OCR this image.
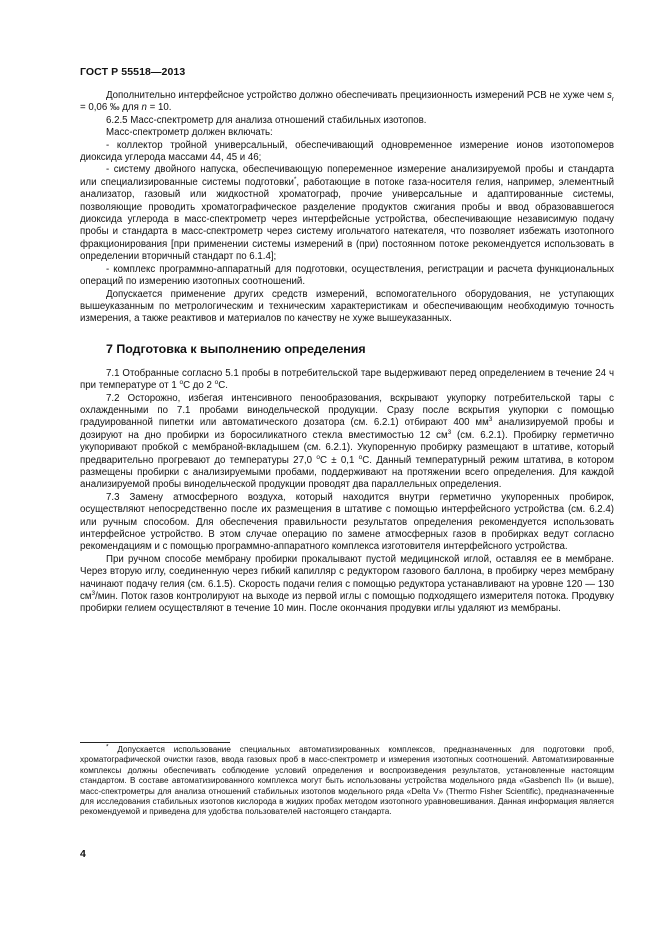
ГОСТ Р 55518—2013

Дополнительно интерфейсное устройство должно обеспечивать прецизионность измерений РСВ не хуже чем $s_r = 0,06$ ‰ для n = 10.

6.2.5 Масс-спектрометр для анализа отношений стабильных изотопов.

Масс-спектрометр должен включать:

- коллектор тройной универсальный, обеспечивающий одновременное измерение ионов изотопомеров диоксида углерода массами 44, 45 и 46;

- систему двойного напуска, обеспечивающую попеременное измерение анализируемой пробы и стандарта или специализированные системы подготовки*, работающие в потоке газа-носителя гелия, например, элементный анализатор, газовый или жидкостной хроматограф, прочие универсальные и адаптированные системы, позволяющие проводить хроматографическое разделение продуктов сжигания пробы и ввод образовавшегося диоксида углерода в масс-спектрометр через интерфейсные устройства, обеспечивающие независимую подачу пробы и стандарта в масс-спектрометр через систему игольчатого натекателя, что позволяет избежать изотопного фракционирования [при применении системы измерений в (при) постоянном потоке рекомендуется использовать в определении вторичный стандарт по 6.1.4];

- комплекс программно-аппаратный для подготовки, осуществления, регистрации и расчета функциональных операций по измерению изотопных соотношений.

Допускается применение других средств измерений, вспомогательного оборудования, не уступающих вышеуказанным по метрологическим и техническим характеристикам и обеспечивающим необходимую точность измерения, а также реактивов и материалов по качеству не хуже вышеуказанных.

7 Подготовка к выполнению определения

7.1 Отобранные согласно 5.1 пробы в потребительской таре выдерживают перед определением в течение 24 ч при температуре от 1 $^о$С до 2 $^о$С.

7.2 Осторожно, избегая интенсивного пенообразования, вскрывают укупорку потребительской тары с охлажденными по 7.1 пробами винодельческой продукции. Сразу после вскрытия укупорки с помощью градуированной пипетки или автоматического дозатора (см. 6.2.1) отбирают 400 $мм^3$ анализируемой пробы и дозируют на дно пробирки из боросиликатного стекла вместимостью 12 $см^3$ (см. 6.2.1). Пробирку герметично укупоривают пробкой с мембраной-вкладышем (см. 6.2.1). Укупоренную пробирку размещают в штативе, который предварительно прогревают до температуры 27,0 $^о$С ± 0,1 $^о$С. Данный температурный режим штатива, в котором размещены пробирки с анализируемыми пробами, поддерживают на протяжении всего определения. Для каждой анализируемой пробы винодельческой продукции проводят два параллельных определения.

7.3 Замену атмосферного воздуха, который находится внутри герметично укупоренных пробирок, осуществляют непосредственно после их размещения в штативе с помощью интерфейсного устройства (см. 6.2.4) или ручным способом. Для обеспечения правильности результатов определения рекомендуется использовать интерфейсное устройство. В этом случае операцию по замене атмосферных газов в пробирках ведут согласно рекомендациям и с помощью программно-аппаратного комплекса изготовителя интерфейсного устройства.

При ручном способе мембрану пробирки прокалывают пустой медицинской иглой, оставляя ее в мембране. Через вторую иглу, соединенную через гибкий капилляр с редуктором газового баллона, в пробирку через мембрану начинают подачу гелия (см. 6.1.5). Скорость подачи гелия с помощью редуктора устанавливают на уровне 120 — 130 $см^3$/мин. Поток газов контролируют на выходе из первой иглы с помощью подходящего измерителя потока. Продувку пробирки гелием осуществляют в течение 10 мин. После окончания продувки иглы удаляют из мембраны.

* Допускается использование специальных автоматизированных комплексов, предназначенных для подготовки проб, хроматографической очистки газов, ввода газовых проб в масс-спектрометр и измерения изотопных соотношений. Автоматизированные комплексы должны обеспечивать соблюдение условий определения и воспроизведения результатов, установленные настоящим стандартом. В составе автоматизированного комплекса могут быть использованы устройства модельного ряда «Gasbench II» (и выше), масс-спектрометры для анализа отношений стабильных изотопов модельного ряда «Delta V» (Thermo Fisher Scientific), предназначенные для исследования стабильных изотопов кислорода в жидких пробах методом изотопного уравновешивания. Данная информация является рекомендуемой и приведена для удобства пользователей настоящего стандарта.

4
